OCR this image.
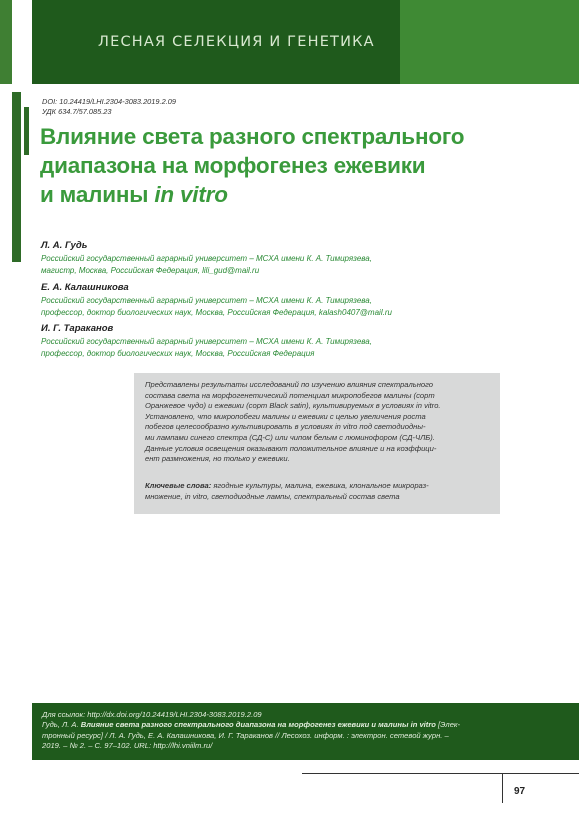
ЛЕСНАЯ СЕЛЕКЦИЯ И ГЕНЕТИКА
DOI: 10.24419/LHI.2304-3083.2019.2.09
УДК 634.7/57.085.23
Влияние света разного спектрального
диапазона на морфогенез ежевики
и малины in vitro
Л. А. Гудь
Российский государственный аграрный университет – МСХА имени К. А. Тимирязева,
магистр, Москва, Российская Федерация, lili_gud@mail.ru
Е. А. Калашникова
Российский государственный аграрный университет – МСХА имени К. А. Тимирязева,
профессор, доктор биологических наук, Москва, Российская Федерация, kalash0407@mail.ru
И. Г. Тараканов
Российский государственный аграрный университет – МСХА имени К. А. Тимирязева,
профессор, доктор биологических наук, Москва, Российская Федерация
Представлены результаты исследований по изучению влияния спектрального
состава света на морфогенетический потенциал микропобегов малины (сорт
Оранжевое чудо) и ежевики (сорт Black satin), культивируемых в условиях in vitro.
Установлено, что микропобеги малины и ежевики с целью увеличения роста
побегов целесообразно культивировать в условиях in vitro под светодиодны-
ми лампами синего спектра (СД-С) или чипом белым с люминофором (СД-ЧЛБ).
Данные условия освещения оказывают положительное влияние и на коэффици-
ент размножения, но только у ежевики.
Ключевые слова: ягодные культуры, малина, ежевика, клональное микрораз-
множение, in vitro, светодиодные лампы, спектральный состав света
Для ссылок: http://dx.doi.org/10.24419/LHI.2304-3083.2019.2.09
Гудь, Л. А. Влияние света разного спектрального диапазона на морфогенез ежевики и малины in vitro [Элек-
тронный ресурс] / Л. А. Гудь, Е. А. Калашникова, И. Г. Тараканов // Лесохоз. информ. : электрон. сетевой журн. –
2019. – № 2. – С. 97–102. URL: http://lhi.vniilm.ru/
97
